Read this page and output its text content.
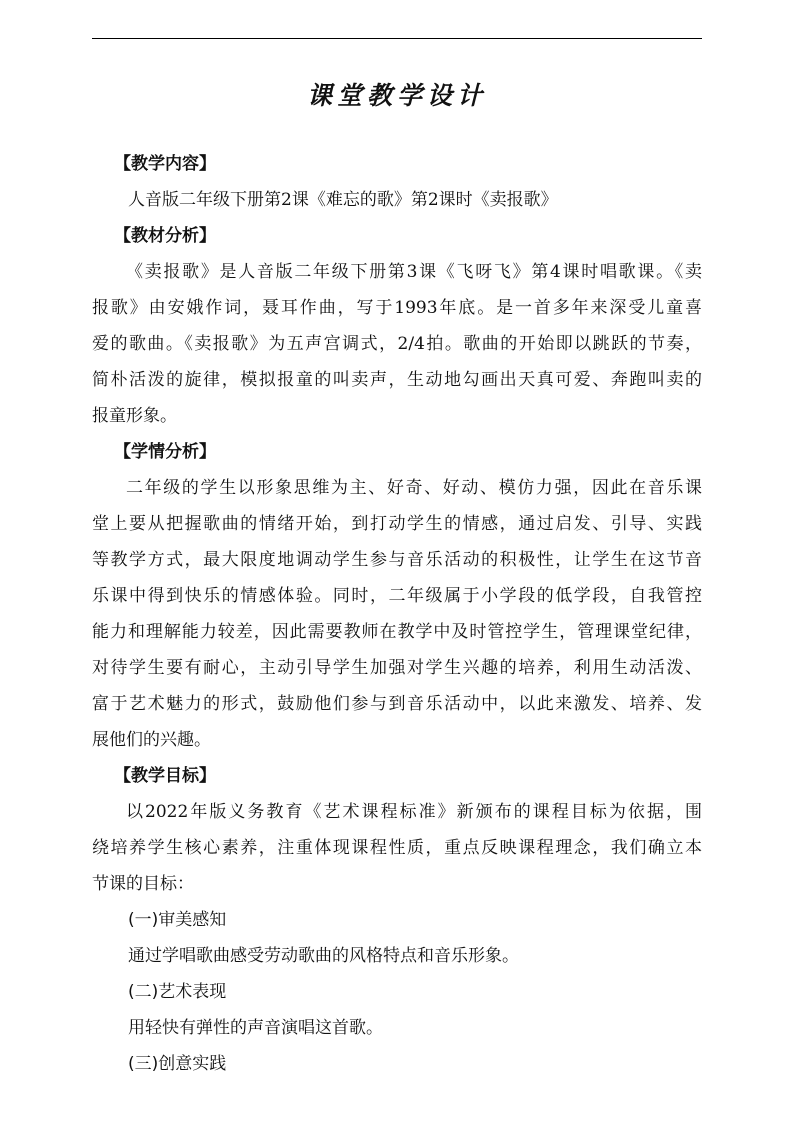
课堂教学设计
【教学内容】
人音版二年级下册第2课《难忘的歌》第2课时《卖报歌》
【教材分析】
《卖报歌》是人音版二年级下册第3课《飞呀飞》第4课时唱歌课。《卖
报歌》由安娥作词，聂耳作曲，写于1993年底。是一首多年来深受儿童喜
爱的歌曲。《卖报歌》为五声宫调式，2/4拍。歌曲的开始即以跳跃的节奏，
简朴活泼的旋律，模拟报童的叫卖声，生动地勾画出天真可爱、奔跑叫卖的
报童形象。
【学情分析】
二年级的学生以形象思维为主、好奇、好动、模仿力强，因此在音乐课
堂上要从把握歌曲的情绪开始，到打动学生的情感，通过启发、引导、实践
等教学方式，最大限度地调动学生参与音乐活动的积极性，让学生在这节音
乐课中得到快乐的情感体验。同时，二年级属于小学段的低学段，自我管控
能力和理解能力较差，因此需要教师在教学中及时管控学生，管理课堂纪律，
对待学生要有耐心，主动引导学生加强对学生兴趣的培养，利用生动活泼、
富于艺术魅力的形式，鼓励他们参与到音乐活动中，以此来激发、培养、发
展他们的兴趣。
【教学目标】
以2022年版义务教育《艺术课程标准》新颁布的课程目标为依据，围
绕培养学生核心素养，注重体现课程性质，重点反映课程理念，我们确立本
节课的目标：
(一)审美感知
通过学唱歌曲感受劳动歌曲的风格特点和音乐形象。
(二)艺术表现
用轻快有弹性的声音演唱这首歌。
(三)创意实践
